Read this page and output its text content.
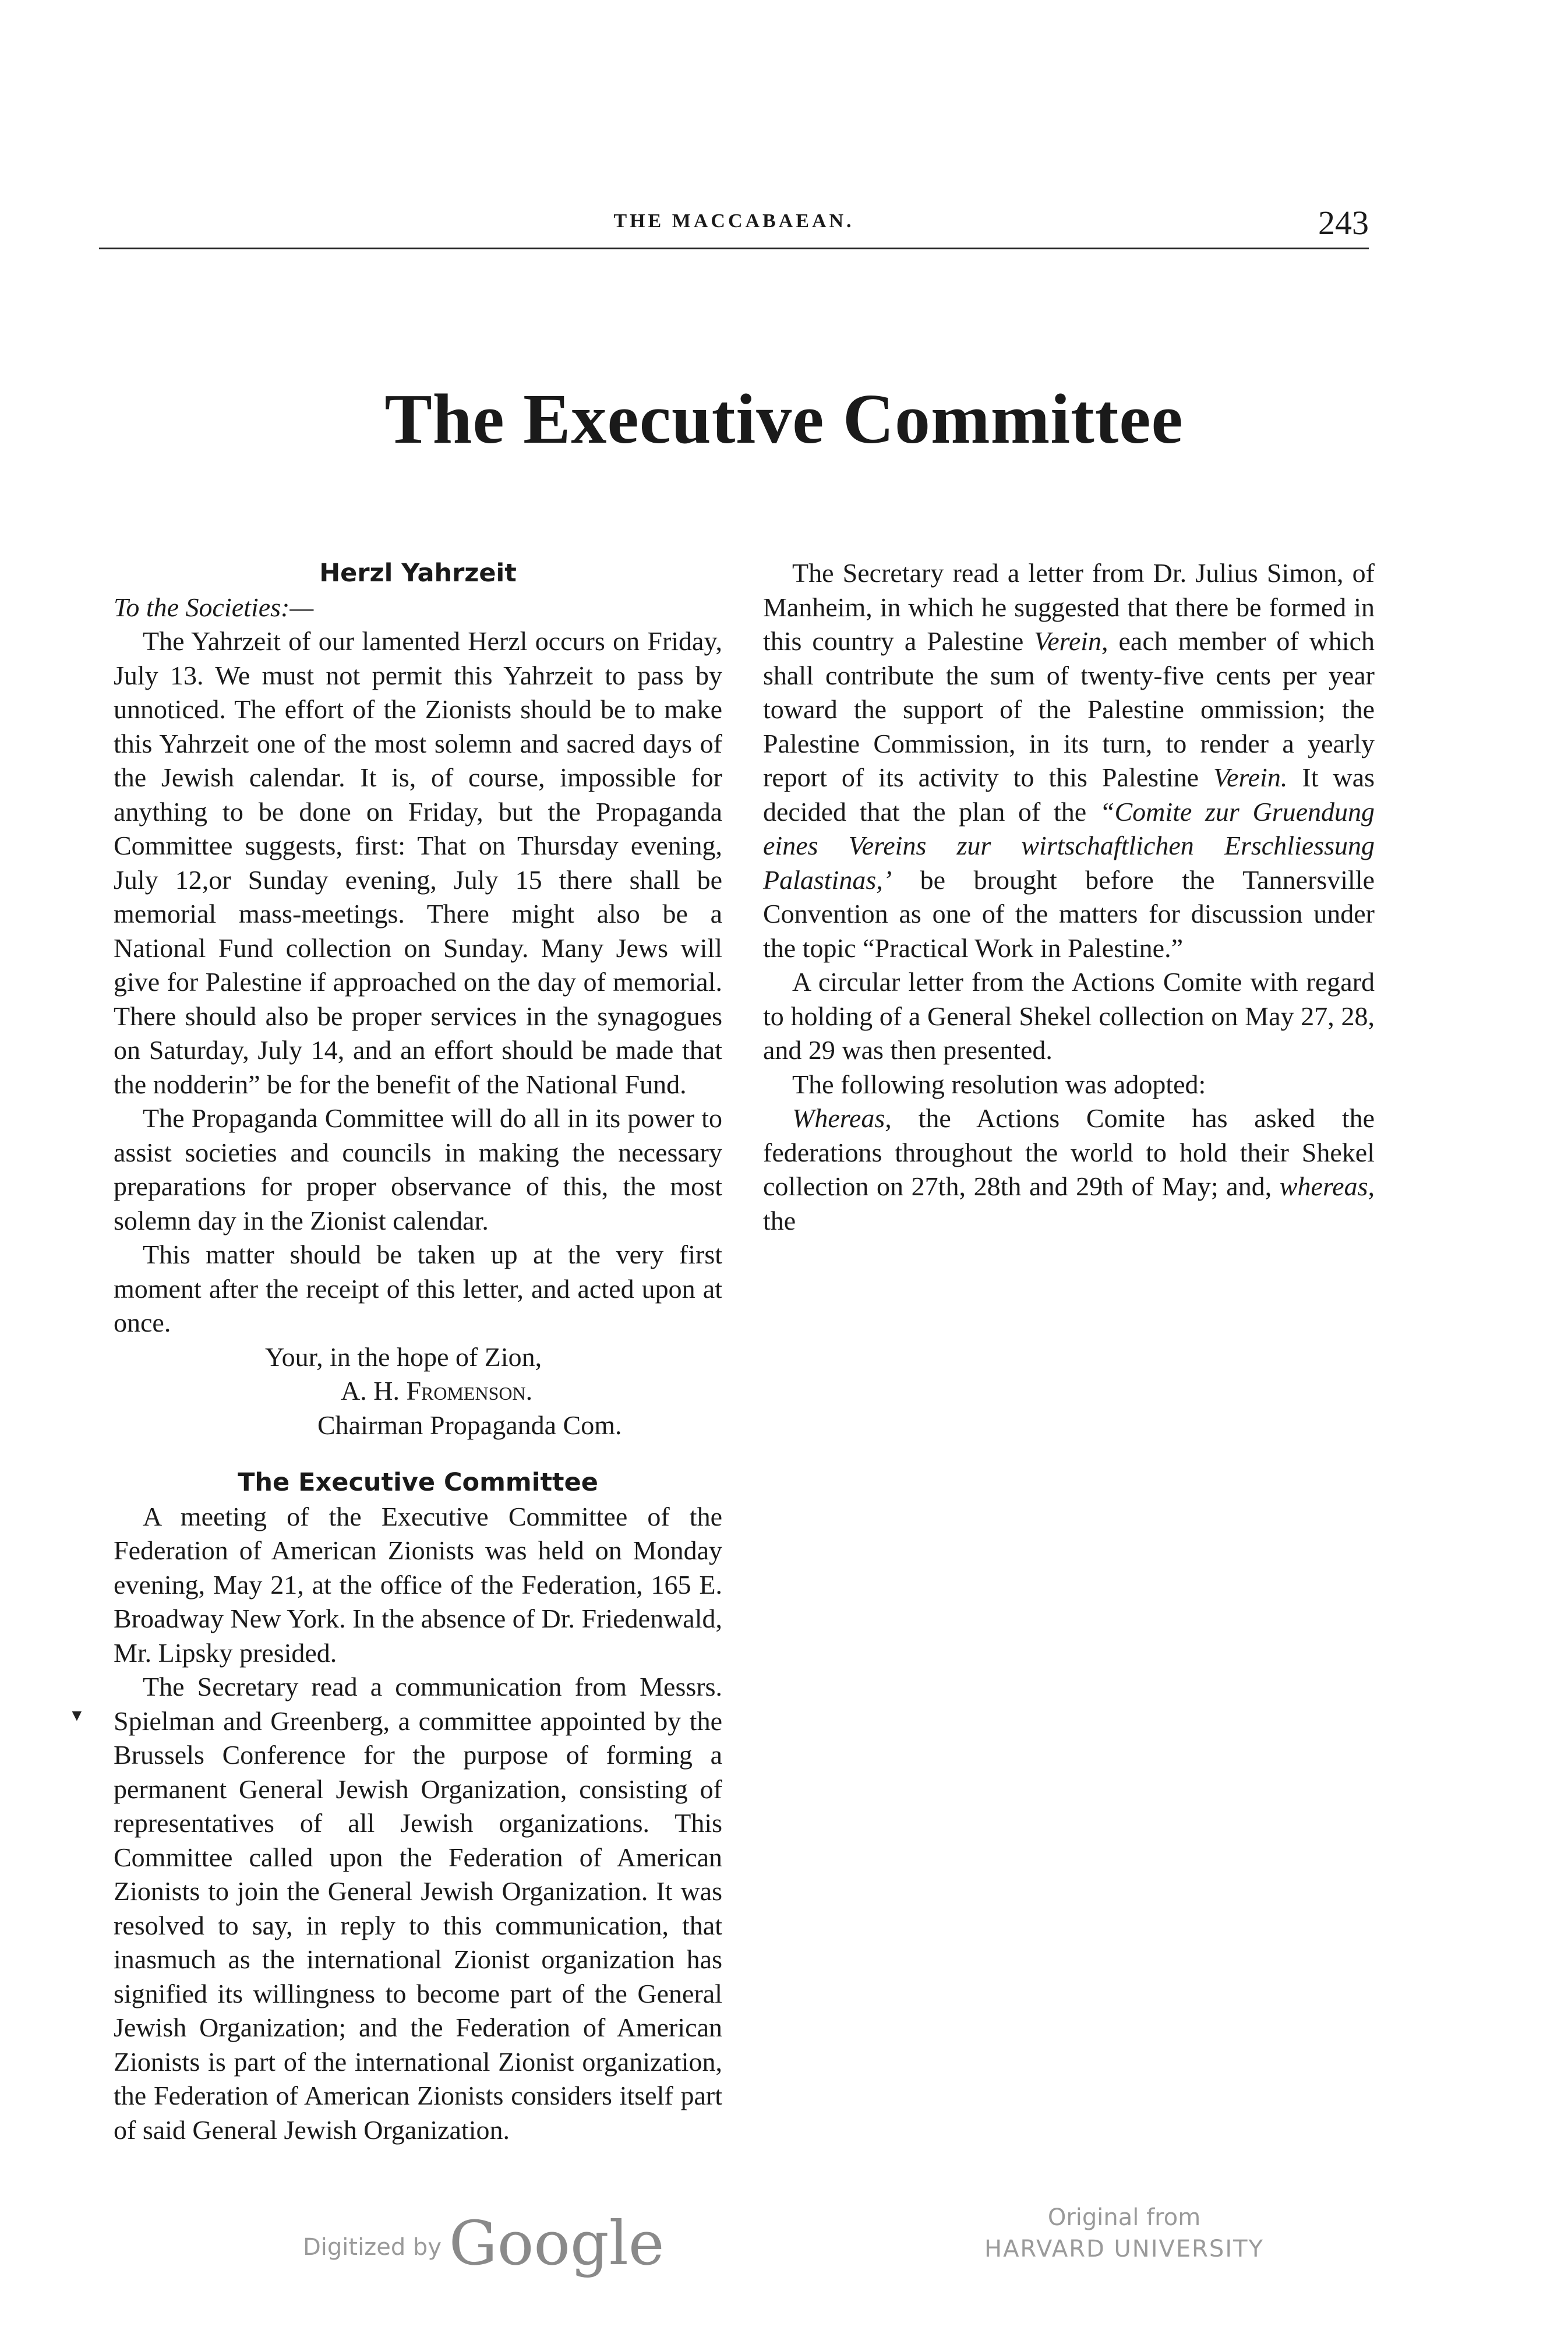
THE MACCABAEAN.	243
The Executive Committee
Herzl Yahrzeit

To the Societies:—

The Yahrzeit of our lamented Herzl occurs on Friday, July 13. We must not permit this Yahrzeit to pass by unnoticed. The effort of the Zionists should be to make this Yahrzeit one of the most solemn and sacred days of the Jewish calendar. It is, of course, impossible for anything to be done on Friday, but the Propaganda Committee suggests, first: That on Thursday evening, July 12,or Sunday evening, July 15 there shall be memorial mass-meetings. There might also be a National Fund collection on Sunday. Many Jews will give for Palestine if approached on the day of memorial. There should also be proper services in the synagogues on Saturday, July 14, and an effort should be made that the nodderin” be for the benefit of the National Fund.

The Propaganda Committee will do all in its power to assist societies and councils in making the necessary preparations for proper observance of this, the most solemn day in the Zionist calendar.

This matter should be taken up at the very first moment after the receipt of this letter, and acted upon at once.

Your, in the hope of Zion,

A. H. Fromenson.

Chairman Propaganda Com.

The Executive Committee

A meeting of the Executive Committee of the Federation of American Zionists was held on Monday evening, May 21, at the office of the Federation, 165 E. Broadway New York. In the absence of Dr. Friedenwald, Mr. Lipsky presided.

The Secretary read a communication from Messrs. Spielman and Greenberg, a committee appointed by the Brussels Conference for the purpose of forming a permanent General Jewish Organization, consisting of representatives of all Jewish organizations. This Committee called upon the Federation of American Zionists to join the General Jewish Organization. It was resolved to say, in reply to this communication, that inasmuch as the international Zionist organization has signified its willingness to become part of the General Jewish Organization; and the Federation of American Zionists is part of the international Zionist organization, the Federation of American Zionists considers itself part of said General Jewish Organization.

The Secretary read a letter from Dr. Julius Simon, of Manheim, in which he suggested that there be formed in this country a Palestine Verein, each member of which shall contribute the sum of twenty-five cents per year toward the support of the Palestine ommission; the Palestine Commission, in its turn, to render a yearly report of its activity to this Palestine Verein. It was decided that the plan of the “Comite zur Gruendung eines Vereins zur wirtschaftlichen Erschliessung Palastinas,’ be brought before the Tannersville Convention as one of the matters for discussion under the topic “Practical Work in Palestine.”

A circular letter from the Actions Comite with regard to holding of a General Shekel collection on May 27, 28, and 29 was then presented.

The following resolution was adopted:

Whereas, the Actions Comite has asked the federations throughout the world to hold their Shekel collection on 27th, 28th and 29th of May; and, whereas, the

▼
Digitized by Google	Original from
HARVARD UNIVERSITY
